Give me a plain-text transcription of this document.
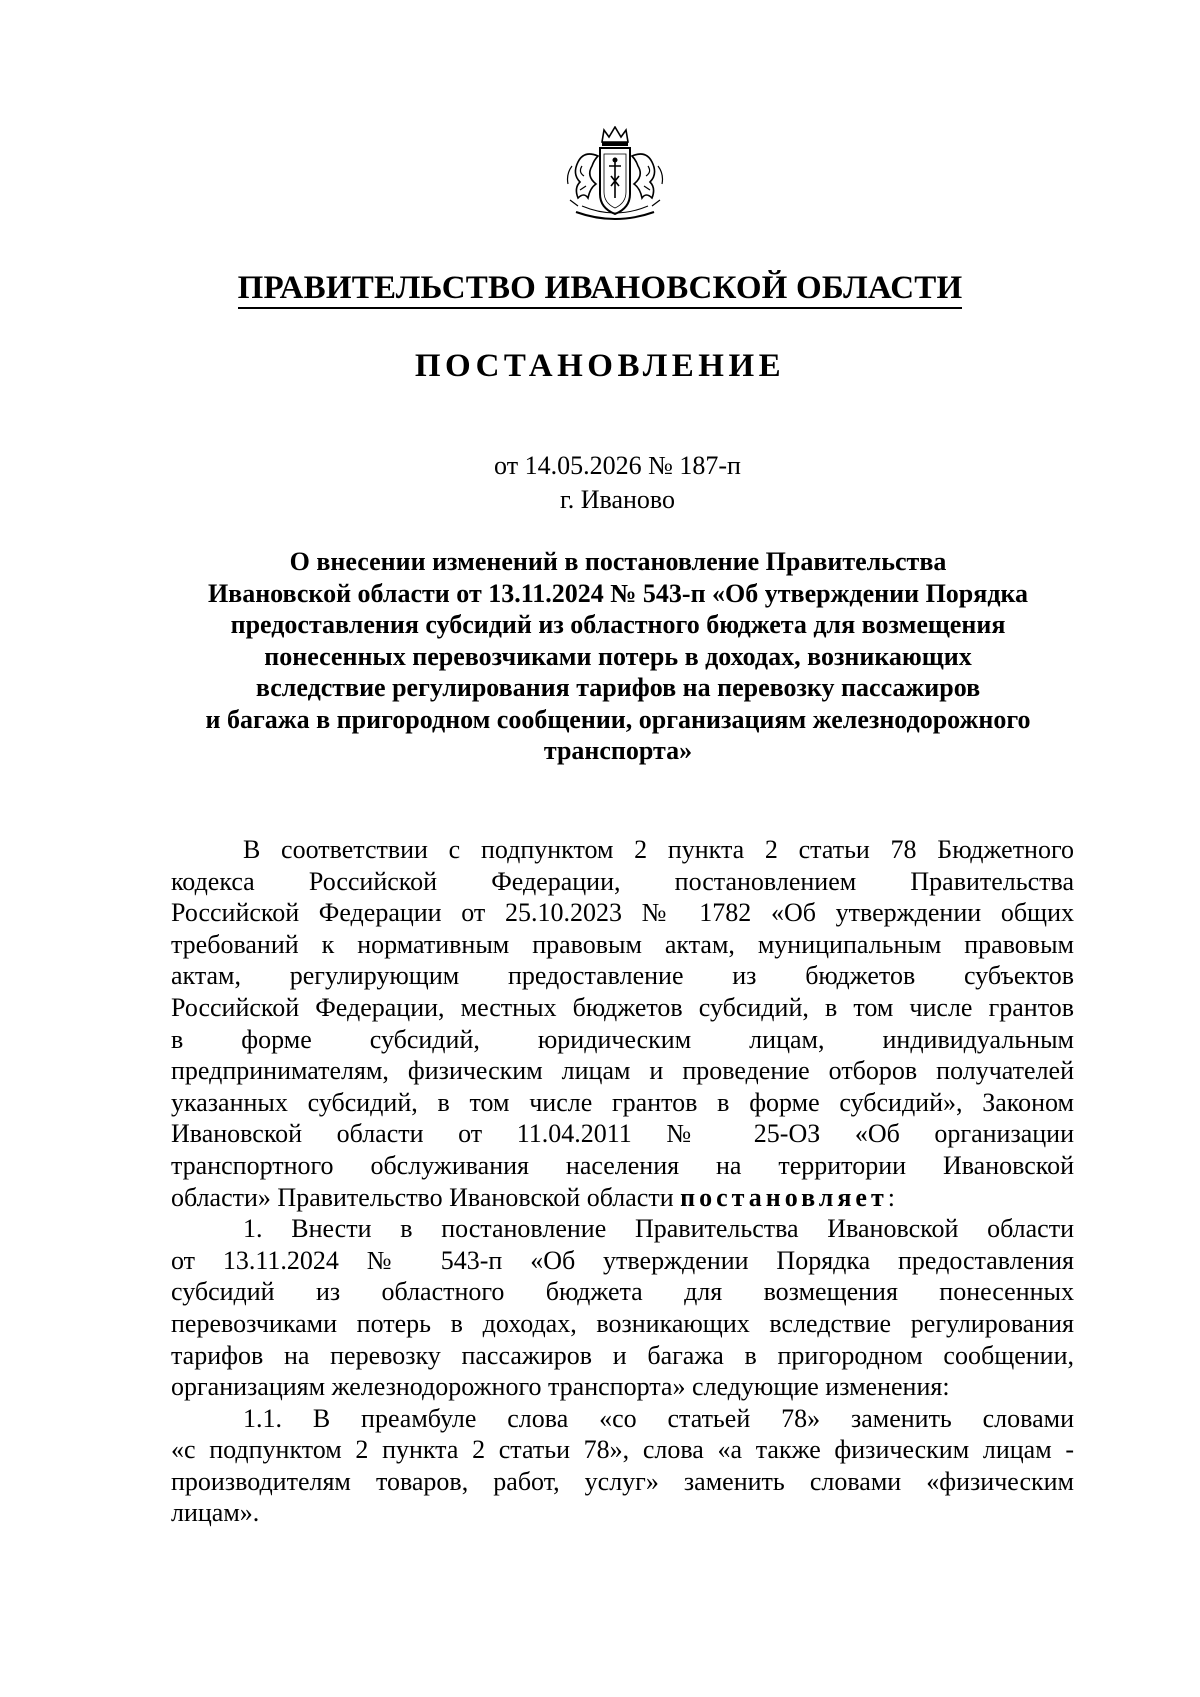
ПРАВИТЕЛЬСТВО ИВАНОВСКОЙ ОБЛАСТИ
ПОСТАНОВЛЕНИЕ
от 14.05.2026 № 187-п
г. Иваново
О внесении изменений в постановление Правительства
Ивановской области от 13.11.2024 № 543-п «Об утверждении Порядка
предоставления субсидий из областного бюджета для возмещения
понесенных перевозчиками потерь в доходах, возникающих
вследствие регулирования тарифов на перевозку пассажиров
и багажа в пригородном сообщении, организациям железнодорожного
транспорта»
В соответствии с подпунктом 2 пункта 2 статьи 78 Бюджетного
кодекса Российской Федерации, постановлением Правительства
Российской Федерации от 25.10.2023 № 1782 «Об утверждении общих
требований к нормативным правовым актам, муниципальным правовым
актам, регулирующим предоставление из бюджетов субъектов
Российской Федерации, местных бюджетов субсидий, в том числе грантов
в форме субсидий, юридическим лицам, индивидуальным
предпринимателям, физическим лицам и проведение отборов получателей
указанных субсидий, в том числе грантов в форме субсидий», Законом
Ивановской области от 11.04.2011 № 25-ОЗ «Об организации
транспортного обслуживания населения на территории Ивановской
области» Правительство Ивановской области постановляет:
1. Внести в постановление Правительства Ивановской области
от 13.11.2024 № 543-п «Об утверждении Порядка предоставления
субсидий из областного бюджета для возмещения понесенных
перевозчиками потерь в доходах, возникающих вследствие регулирования
тарифов на перевозку пассажиров и багажа в пригородном сообщении,
организациям железнодорожного транспорта» следующие изменения:
1.1. В преамбуле слова «со статьей 78» заменить словами
«с подпунктом 2 пункта 2 статьи 78», слова «а также физическим лицам -
производителям товаров, работ, услуг» заменить словами «физическим
лицам».
